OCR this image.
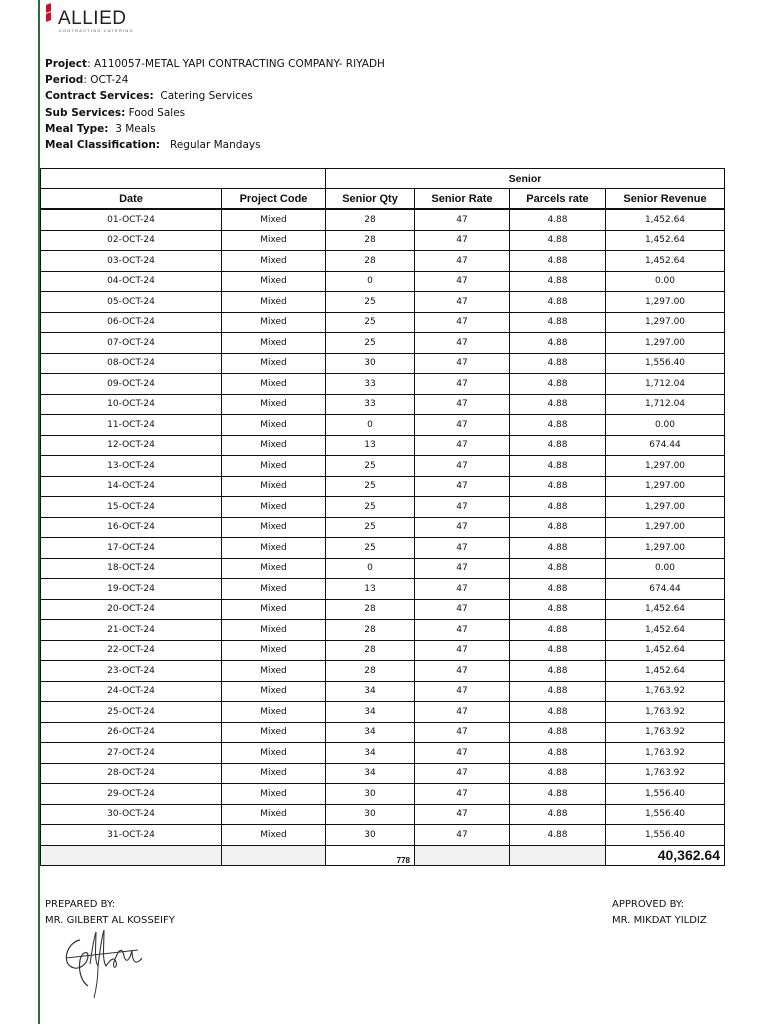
ALLIED
CONTRACTING CATERING
Project: A110057-METAL YAPI CONTRACTING COMPANY- RIYADH
Period: OCT-24
Contract Services: Catering Services
Sub Services: Food Sales
Meal Type: 3 Meals
Meal Classification: Regular Mandays
		Senior			
Date	Project Code	Senior Qty	Senior Rate	Parcels rate	Senior Revenue
01-OCT-24	Mixed	28	47	4.88	1,452.64
02-OCT-24	Mixed	28	47	4.88	1,452.64
03-OCT-24	Mixed	28	47	4.88	1,452.64
04-OCT-24	Mixed	0	47	4.88	0.00
05-OCT-24	Mixed	25	47	4.88	1,297.00
06-OCT-24	Mixed	25	47	4.88	1,297.00
07-OCT-24	Mixed	25	47	4.88	1,297.00
08-OCT-24	Mixed	30	47	4.88	1,556.40
09-OCT-24	Mixed	33	47	4.88	1,712.04
10-OCT-24	Mixed	33	47	4.88	1,712.04
11-OCT-24	Mixed	0	47	4.88	0.00
12-OCT-24	Mixed	13	47	4.88	674.44
13-OCT-24	Mixed	25	47	4.88	1,297.00
14-OCT-24	Mixed	25	47	4.88	1,297.00
15-OCT-24	Mixed	25	47	4.88	1,297.00
16-OCT-24	Mixed	25	47	4.88	1,297.00
17-OCT-24	Mixed	25	47	4.88	1,297.00
18-OCT-24	Mixed	0	47	4.88	0.00
19-OCT-24	Mixed	13	47	4.88	674.44
20-OCT-24	Mixed	28	47	4.88	1,452.64
21-OCT-24	Mixed	28	47	4.88	1,452.64
22-OCT-24	Mixed	28	47	4.88	1,452.64
23-OCT-24	Mixed	28	47	4.88	1,452.64
24-OCT-24	Mixed	34	47	4.88	1,763.92
25-OCT-24	Mixed	34	47	4.88	1,763.92
26-OCT-24	Mixed	34	47	4.88	1,763.92
27-OCT-24	Mixed	34	47	4.88	1,763.92
28-OCT-24	Mixed	34	47	4.88	1,763.92
29-OCT-24	Mixed	30	47	4.88	1,556.40
30-OCT-24	Mixed	30	47	4.88	1,556.40
31-OCT-24	Mixed	30	47	4.88	1,556.40
		778			40,362.64
PREPARED BY:
MR. GILBERT AL KOSSEIFY
APPROVED BY:
MR. MIKDAT YILDIZ
